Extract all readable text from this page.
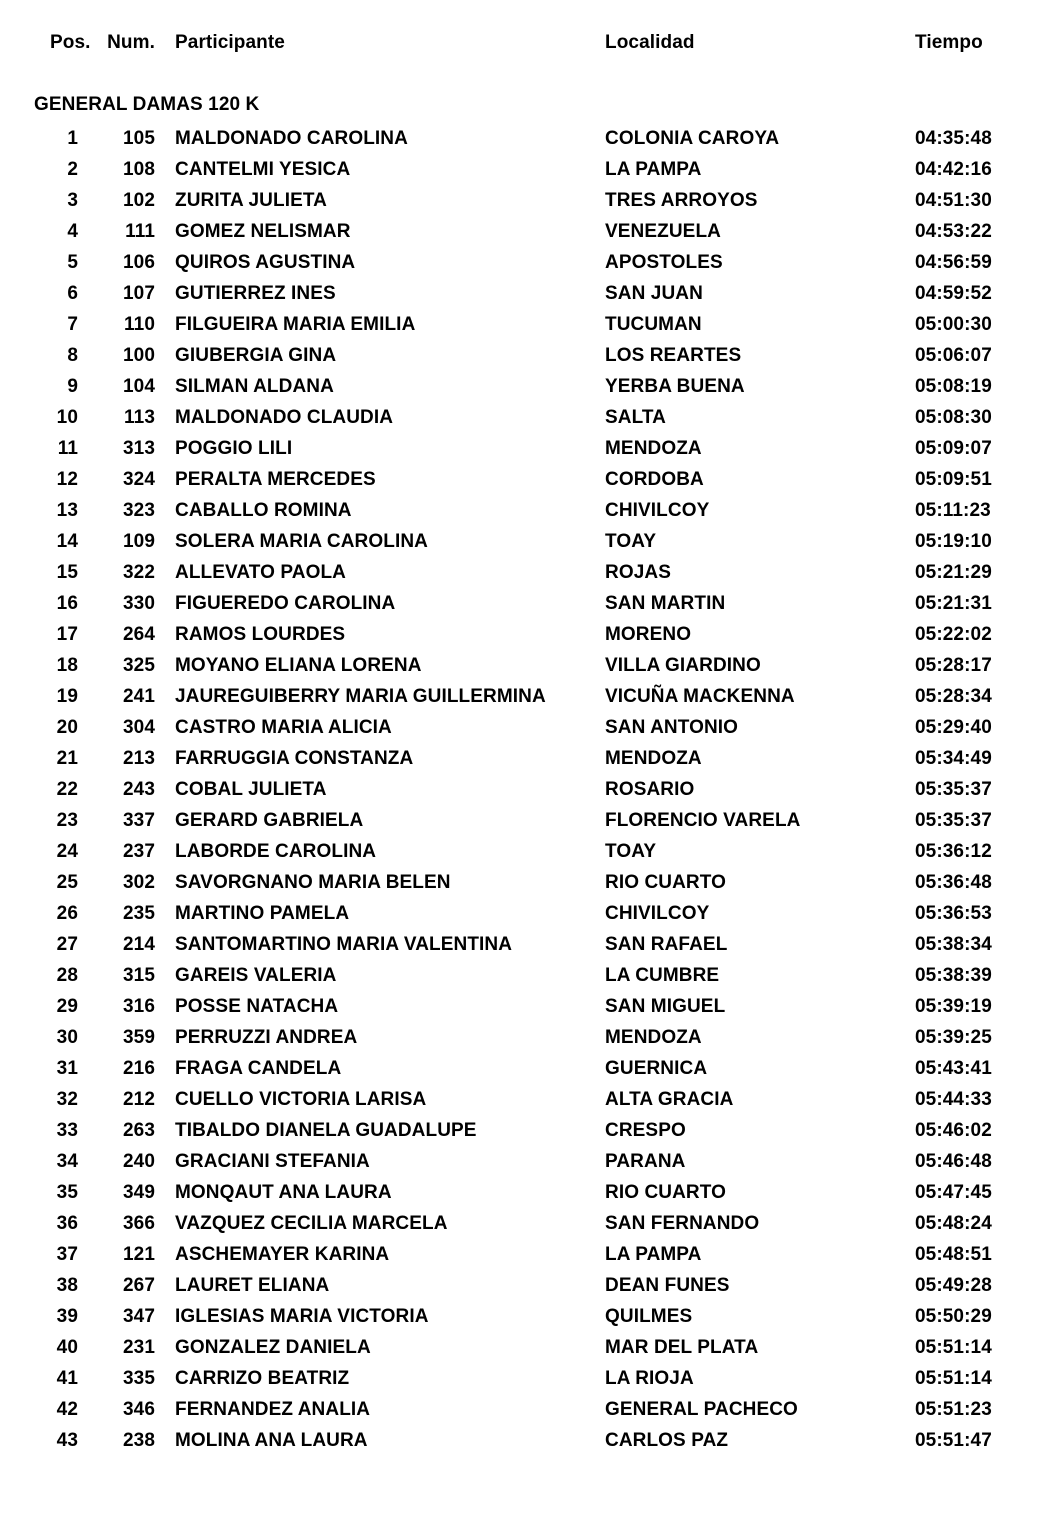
Pos. Num.	Participante	Localidad	Tiempo
GENERAL DAMAS 120 K
1	105	MALDONADO CAROLINA	COLONIA CAROYA	04:35:48
2	108	CANTELMI YESICA	LA PAMPA	04:42:16
3	102	ZURITA JULIETA	TRES ARROYOS	04:51:30
4	111	GOMEZ NELISMAR	VENEZUELA	04:53:22
5	106	QUIROS AGUSTINA	APOSTOLES	04:56:59
6	107	GUTIERREZ INES	SAN JUAN	04:59:52
7	110	FILGUEIRA MARIA EMILIA	TUCUMAN	05:00:30
8	100	GIUBERGIA GINA	LOS REARTES	05:06:07
9	104	SILMAN ALDANA	YERBA BUENA	05:08:19
10	113	MALDONADO CLAUDIA	SALTA	05:08:30
11	313	POGGIO LILI	MENDOZA	05:09:07
12	324	PERALTA MERCEDES	CORDOBA	05:09:51
13	323	CABALLO ROMINA	CHIVILCOY	05:11:23
14	109	SOLERA MARIA CAROLINA	TOAY	05:19:10
15	322	ALLEVATO PAOLA	ROJAS	05:21:29
16	330	FIGUEREDO CAROLINA	SAN MARTIN	05:21:31
17	264	RAMOS LOURDES	MORENO	05:22:02
18	325	MOYANO ELIANA LORENA	VILLA GIARDINO	05:28:17
19	241	JAUREGUIBERRY MARIA GUILLERMINA	VICUÑA MACKENNA	05:28:34
20	304	CASTRO MARIA ALICIA	SAN ANTONIO	05:29:40
21	213	FARRUGGIA CONSTANZA	MENDOZA	05:34:49
22	243	COBAL JULIETA	ROSARIO	05:35:37
23	337	GERARD GABRIELA	FLORENCIO VARELA	05:35:37
24	237	LABORDE CAROLINA	TOAY	05:36:12
25	302	SAVORGNANO MARIA BELEN	RIO CUARTO	05:36:48
26	235	MARTINO PAMELA	CHIVILCOY	05:36:53
27	214	SANTOMARTINO MARIA VALENTINA	SAN RAFAEL	05:38:34
28	315	GAREIS VALERIA	LA CUMBRE	05:38:39
29	316	POSSE NATACHA	SAN MIGUEL	05:39:19
30	359	PERRUZZI ANDREA	MENDOZA	05:39:25
31	216	FRAGA CANDELA	GUERNICA	05:43:41
32	212	CUELLO VICTORIA LARISA	ALTA GRACIA	05:44:33
33	263	TIBALDO DIANELA GUADALUPE	CRESPO	05:46:02
34	240	GRACIANI STEFANIA	PARANA	05:46:48
35	349	MONQAUT ANA LAURA	RIO CUARTO	05:47:45
36	366	VAZQUEZ CECILIA MARCELA	SAN FERNANDO	05:48:24
37	121	ASCHEMAYER KARINA	LA PAMPA	05:48:51
38	267	LAURET ELIANA	DEAN FUNES	05:49:28
39	347	IGLESIAS MARIA VICTORIA	QUILMES	05:50:29
40	231	GONZALEZ DANIELA	MAR DEL PLATA	05:51:14
41	335	CARRIZO BEATRIZ	LA RIOJA	05:51:14
42	346	FERNANDEZ ANALIA	GENERAL PACHECO	05:51:23
43	238	MOLINA ANA LAURA	CARLOS PAZ	05:51:47
